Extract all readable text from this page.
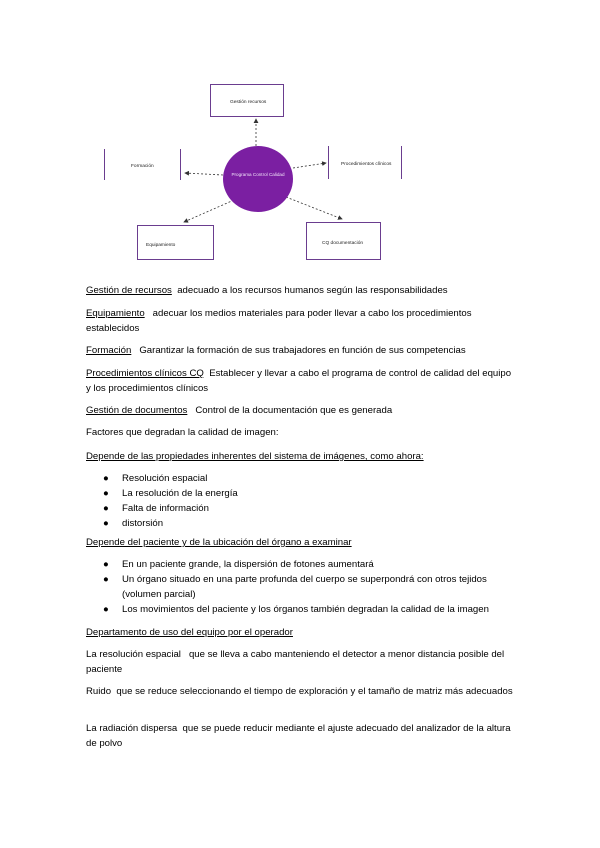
Gestión recursos
Formación	Procedimientos clínicos
Equipamiento	CQ documentación
Programa Control Calidad
Gestión de recursos adecuado a los recursos humanos según las responsabilidades
Equipamiento adecuar los medios materiales para poder llevar a cabo los procedimientos establecidos
Formación Garantizar la formación de sus trabajadores en función de sus competencias
Procedimientos clínicos CQ Establecer y llevar a cabo el programa de control de calidad del equipo y los procedimientos clínicos
Gestión de documentos Control de la documentación que es generada
Factores que degradan la calidad de imagen:
Depende de las propiedades inherentes del sistema de imágenes, como ahora:
● Resolución espacial
● La resolución de la energía
● Falta de información
● distorsión
Depende del paciente y de la ubicación del órgano a examinar
● En un paciente grande, la dispersión de fotones aumentará
● Un órgano situado en una parte profunda del cuerpo se superpondrá con otros tejidos (volumen parcial)
● Los movimientos del paciente y los órganos también degradan la calidad de la imagen
Departamento de uso del equipo por el operador
La resolución espacial que se lleva a cabo manteniendo el detector a menor distancia posible del paciente
Ruido que se reduce seleccionando el tiempo de exploración y el tamaño de matriz más adecuados
La radiación dispersa que se puede reducir mediante el ajuste adecuado del analizador de la altura de polvo
